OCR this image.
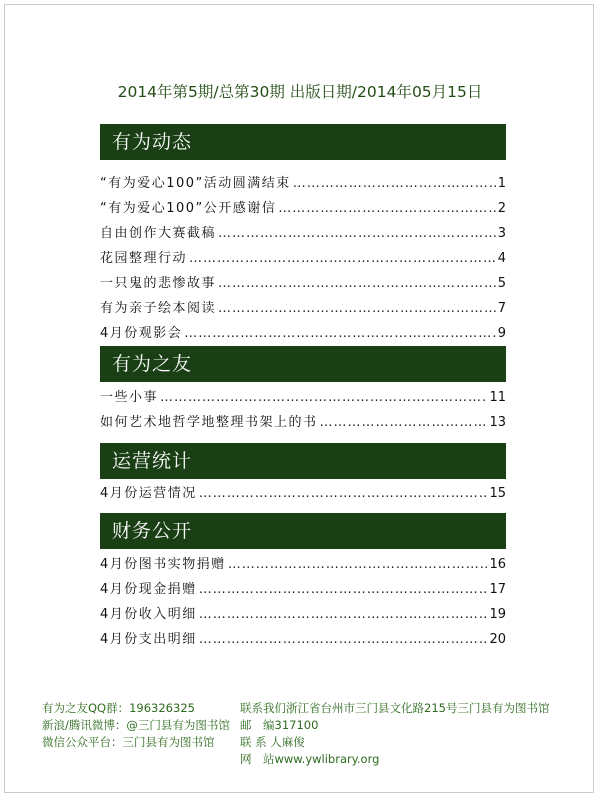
2014年第5期/总第30期 出版日期/2014年05月15日
有为动态
“有为爱心100”活动圆满结束 …………………………………………………………………………………………………………………………	1
“有为爱心100”公开感谢信 …………………………………………………………………………………………………………………………	2
自由创作大赛截稿 …………………………………………………………………………………………………………………………	3
花园整理行动 …………………………………………………………………………………………………………………………	4
一只鬼的悲惨故事 …………………………………………………………………………………………………………………………	5
有为亲子绘本阅读 …………………………………………………………………………………………………………………………	7
4月份观影会 …………………………………………………………………………………………………………………………	9
有为之友
一些小事 …………………………………………………………………………………………………………………………	11
如何艺术地哲学地整理书架上的书 …………………………………………………………………………………………………………………………	13
运营统计
4月份运营情况 …………………………………………………………………………………………………………………………	15
财务公开
4月份图书实物捐赠 …………………………………………………………………………………………………………………………	16
4月份现金捐赠 …………………………………………………………………………………………………………………………	17
4月份收入明细 …………………………………………………………………………………………………………………………	19
4月份支出明细 …………………………………………………………………………………………………………………………	20
有为之友QQ群：196326325
新浪/腾讯微博：@三门县有为图书馆
微信公众平台：三门县有为图书馆
联系我们浙江省台州市三门县文化路215号三门县有为图书馆
邮　编317100
联 系 人麻俊
网　站www.ywlibrary.org
